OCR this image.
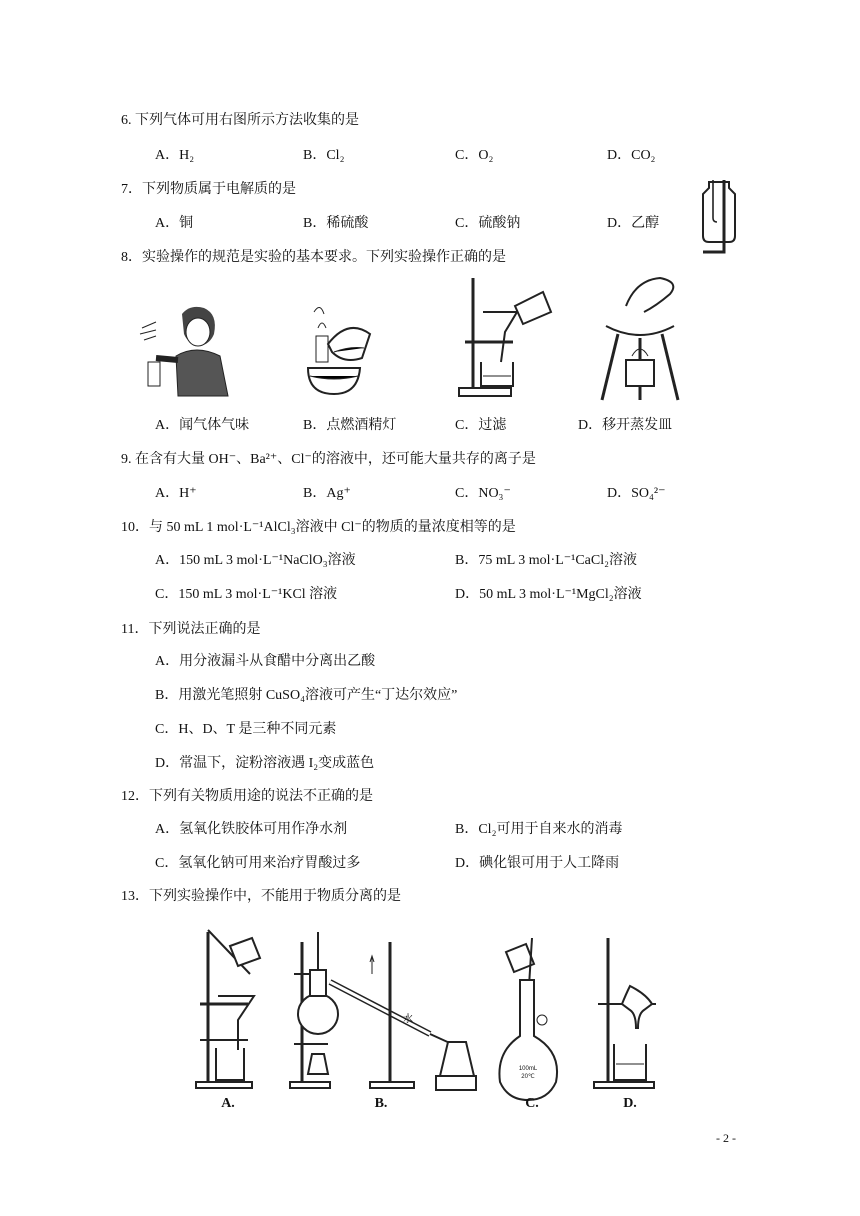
6. 下列气体可用右图所示方法收集的是
A．H₂	B．Cl₂	C．O₂	D．CO₂
7．下列物质属于电解质的是
A．铜	B．稀硫酸	C．硫酸钠	D．乙醇
8．实验操作的规范是实验的基本要求。下列实验操作正确的是
A．闻气体气味	B．点燃酒精灯	C．过滤	D．移开蒸发皿
9. 在含有大量 OH⁻、Ba²⁺、Cl⁻的溶液中，还可能大量共存的离子是
A．H⁺	B．Ag⁺	C．NO₃⁻	D．SO₄²⁻
10．与 50 mL 1 mol·L⁻¹AlCl₃溶液中 Cl⁻的物质的量浓度相等的是
A．150 mL 3 mol·L⁻¹NaClO₃溶液	B．75 mL 3 mol·L⁻¹CaCl₂溶液
C．150 mL 3 mol·L⁻¹KCl 溶液	D．50 mL 3 mol·L⁻¹MgCl₂溶液
11．下列说法正确的是
A．用分液漏斗从食醋中分离出乙酸
B．用激光笔照射 CuSO₄溶液可产生“丁达尔效应”
C．H、D、T 是三种不同元素
D．常温下，淀粉溶液遇 I₂变成蓝色
12．下列有关物质用途的说法不正确的是
A．氢氧化铁胶体可用作净水剂	B．Cl₂可用于自来水的消毒
C．氢氧化钠可用来治疗胃酸过多	D．碘化银可用于人工降雨
13．下列实验操作中，不能用于物质分离的是
A.	B.	C.	D.
水
100mL
20℃
- 2 -
